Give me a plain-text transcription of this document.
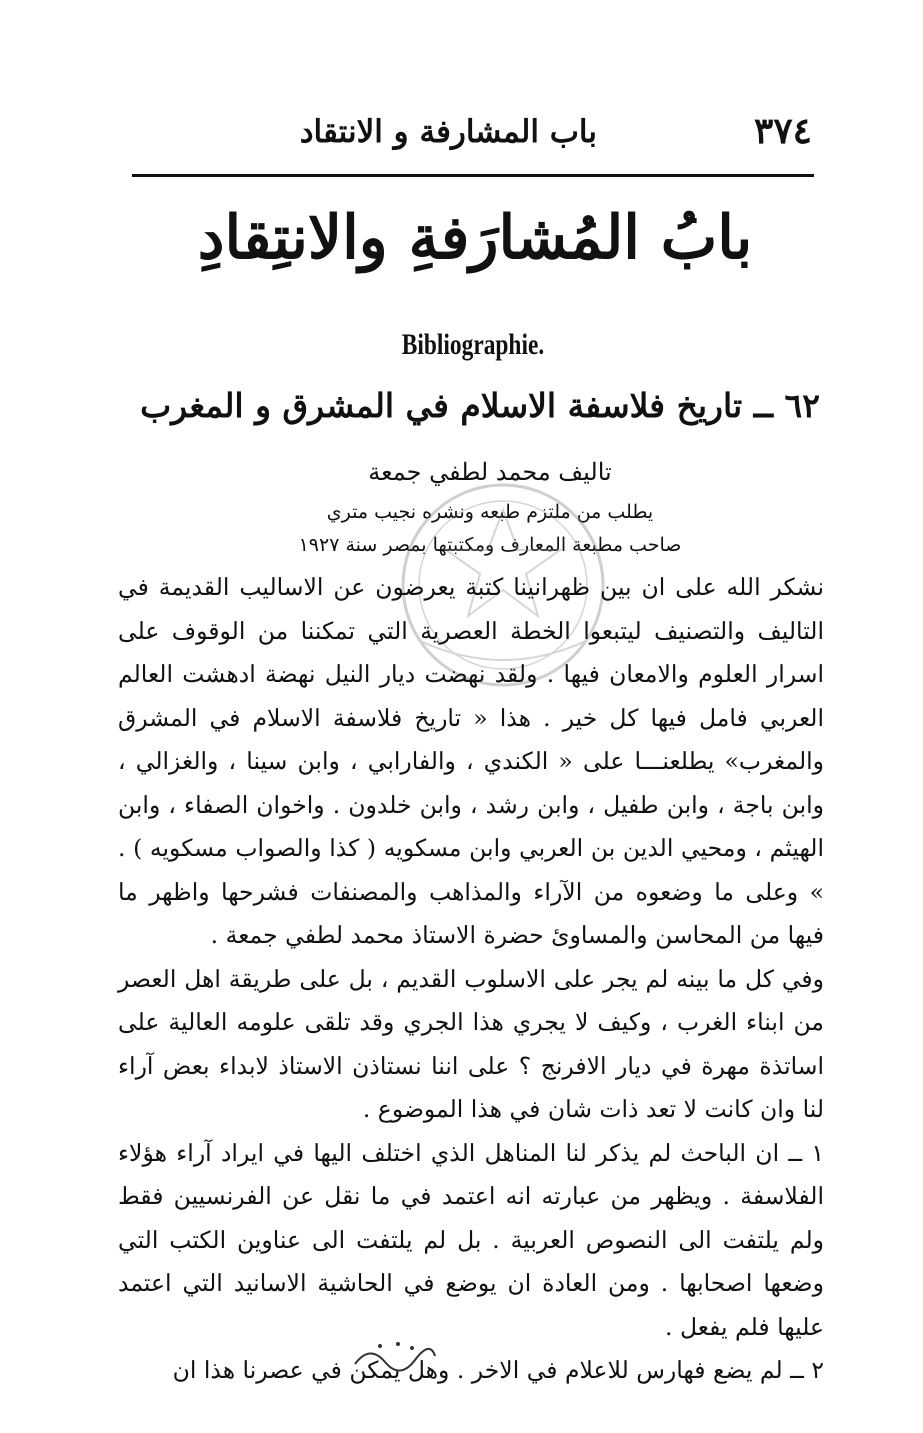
٣٧٤
باب المشارفة و الانتقاد
بابُ المُشارَفةِ والانتِقادِ
Bibliographie.
٦٢ ــ تاريخ فلاسفة الاسلام في المشرق و المغرب
تاليف محمد لطفي جمعة
يطلب من ملتزم طبعه ونشره نجيب متري
صاحب مطبعة المعارف ومكتبتها بمصر سنة ١٩٢٧

نشكر الله على ان بين ظهرانينا كتبة يعرضون عن الاساليب القديمة في التاليف والتصنيف ليتبعوا الخطة العصرية التي تمكننا من الوقوف على اسرار العلوم والامعان فيها . ولقد نهضت ديار النيل نهضة ادهشت العالم العربي فامل فيها كل خير . هذا « تاريخ فلاسفة الاسلام في المشرق والمغرب» يطلعنـــا على « الكندي ، والفارابي ، وابن سينا ، والغزالي ، وابن باجة ، وابن طفيل ، وابن رشد ، وابن خلدون . واخوان الصفاء ، وابن الهيثم ، ومحيي الدين بن العربي وابن مسكويه ( كذا والصواب مسكويه ) . » وعلى ما وضعوه من الآراء والمذاهب والمصنفات فشرحها واظهر ما فيها من المحاسن والمساوئ حضرة الاستاذ محمد لطفي جمعة .

وفي كل ما بينه لم يجر على الاسلوب القديم ، بل على طريقة اهل العصر من ابناء الغرب ، وكيف لا يجري هذا الجري وقد تلقى علومه العالية على اساتذة مهرة في ديار الافرنج ؟ على اننا نستاذن الاستاذ لابداء بعض آراء لنا وان كانت لا تعد ذات شان في هذا الموضوع .

١ ــ ان الباحث لم يذكر لنا المناهل الذي اختلف اليها في ايراد آراء هؤلاء الفلاسفة . ويظهر من عبارته انه اعتمد في ما نقل عن الفرنسيين فقط ولم يلتفت الى النصوص العربية . بل لم يلتفت الى عناوين الكتب التي وضعها اصحابها . ومن العادة ان يوضع في الحاشية الاسانيد التي اعتمد عليها فلم يفعل .

٢ ــ لم يضع فهارس للاعلام في الاخر . وهل يمكن في عصرنا هذا ان
